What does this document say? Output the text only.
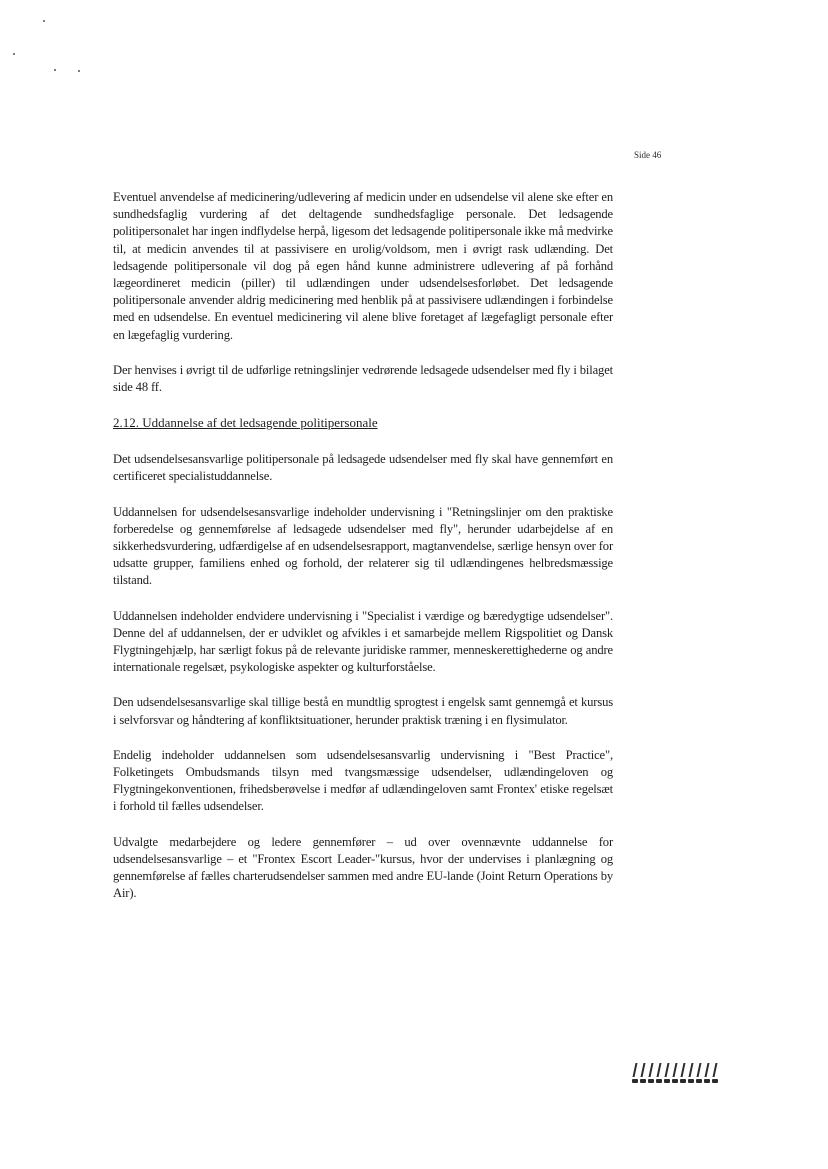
Side 46

Eventuel anvendelse af medicinering/udlevering af medicin under en udsendelse vil alene ske efter en sundhedsfaglig vurdering af det deltagende sundhedsfaglige personale. Det ledsagende politipersonalet har ingen indflydelse herpå, ligesom det ledsagende politipersonale ikke må medvirke til, at medicin anvendes til at passivisere en urolig/voldsom, men i øvrigt rask udlænding. Det ledsagende politipersonale vil dog på egen hånd kunne administrere udlevering af på forhånd lægeordineret medicin (piller) til udlændingen under udsendelsesforløbet. Det ledsagende politipersonale anvender aldrig medicinering med henblik på at passivisere udlændingen i forbindelse med en udsendelse. En eventuel medicinering vil alene blive foretaget af lægefagligt personale efter en lægefaglig vurdering.

Der henvises i øvrigt til de udførlige retningslinjer vedrørende ledsagede udsendelser med fly i bilaget side 48 ff.

2.12. Uddannelse af det ledsagende politipersonale

Det udsendelsesansvarlige politipersonale på ledsagede udsendelser med fly skal have gennemført en certificeret specialistuddannelse.

Uddannelsen for udsendelsesansvarlige indeholder undervisning i "Retningslinjer om den praktiske forberedelse og gennemførelse af ledsagede udsendelser med fly", herunder udarbejdelse af en sikkerhedsvurdering, udfærdigelse af en udsendelsesrapport, magtanvendelse, særlige hensyn over for udsatte grupper, familiens enhed og forhold, der relaterer sig til udlændingenes helbredsmæssige tilstand.

Uddannelsen indeholder endvidere undervisning i "Specialist i værdige og bæredygtige udsendelser". Denne del af uddannelsen, der er udviklet og afvikles i et samarbejde mellem Rigspolitiet og Dansk Flygtningehjælp, har særligt fokus på de relevante juridiske rammer, menneskerettighederne og andre internationale regelsæt, psykologiske aspekter og kulturforståelse.

Den udsendelsesansvarlige skal tillige bestå en mundtlig sprogtest i engelsk samt gennemgå et kursus i selvforsvar og håndtering af konfliktsituationer, herunder praktisk træning i en flysimulator.

Endelig indeholder uddannelsen som udsendelsesansvarlig undervisning i "Best Practice", Folketingets Ombudsmands tilsyn med tvangsmæssige udsendelser, udlændingeloven og Flygtningekonventionen, frihedsberøvelse i medfør af udlændingeloven samt Frontex' etiske regelsæt i forhold til fælles udsendelser.

Udvalgte medarbejdere og ledere gennemfører – ud over ovennævnte uddannelse for udsendelsesansvarlige – et "Frontex Escort Leader-"kursus, hvor der undervises i planlægning og gennemførelse af fælles charterudsendelser sammen med andre EU-lande (Joint Return Operations by Air).
